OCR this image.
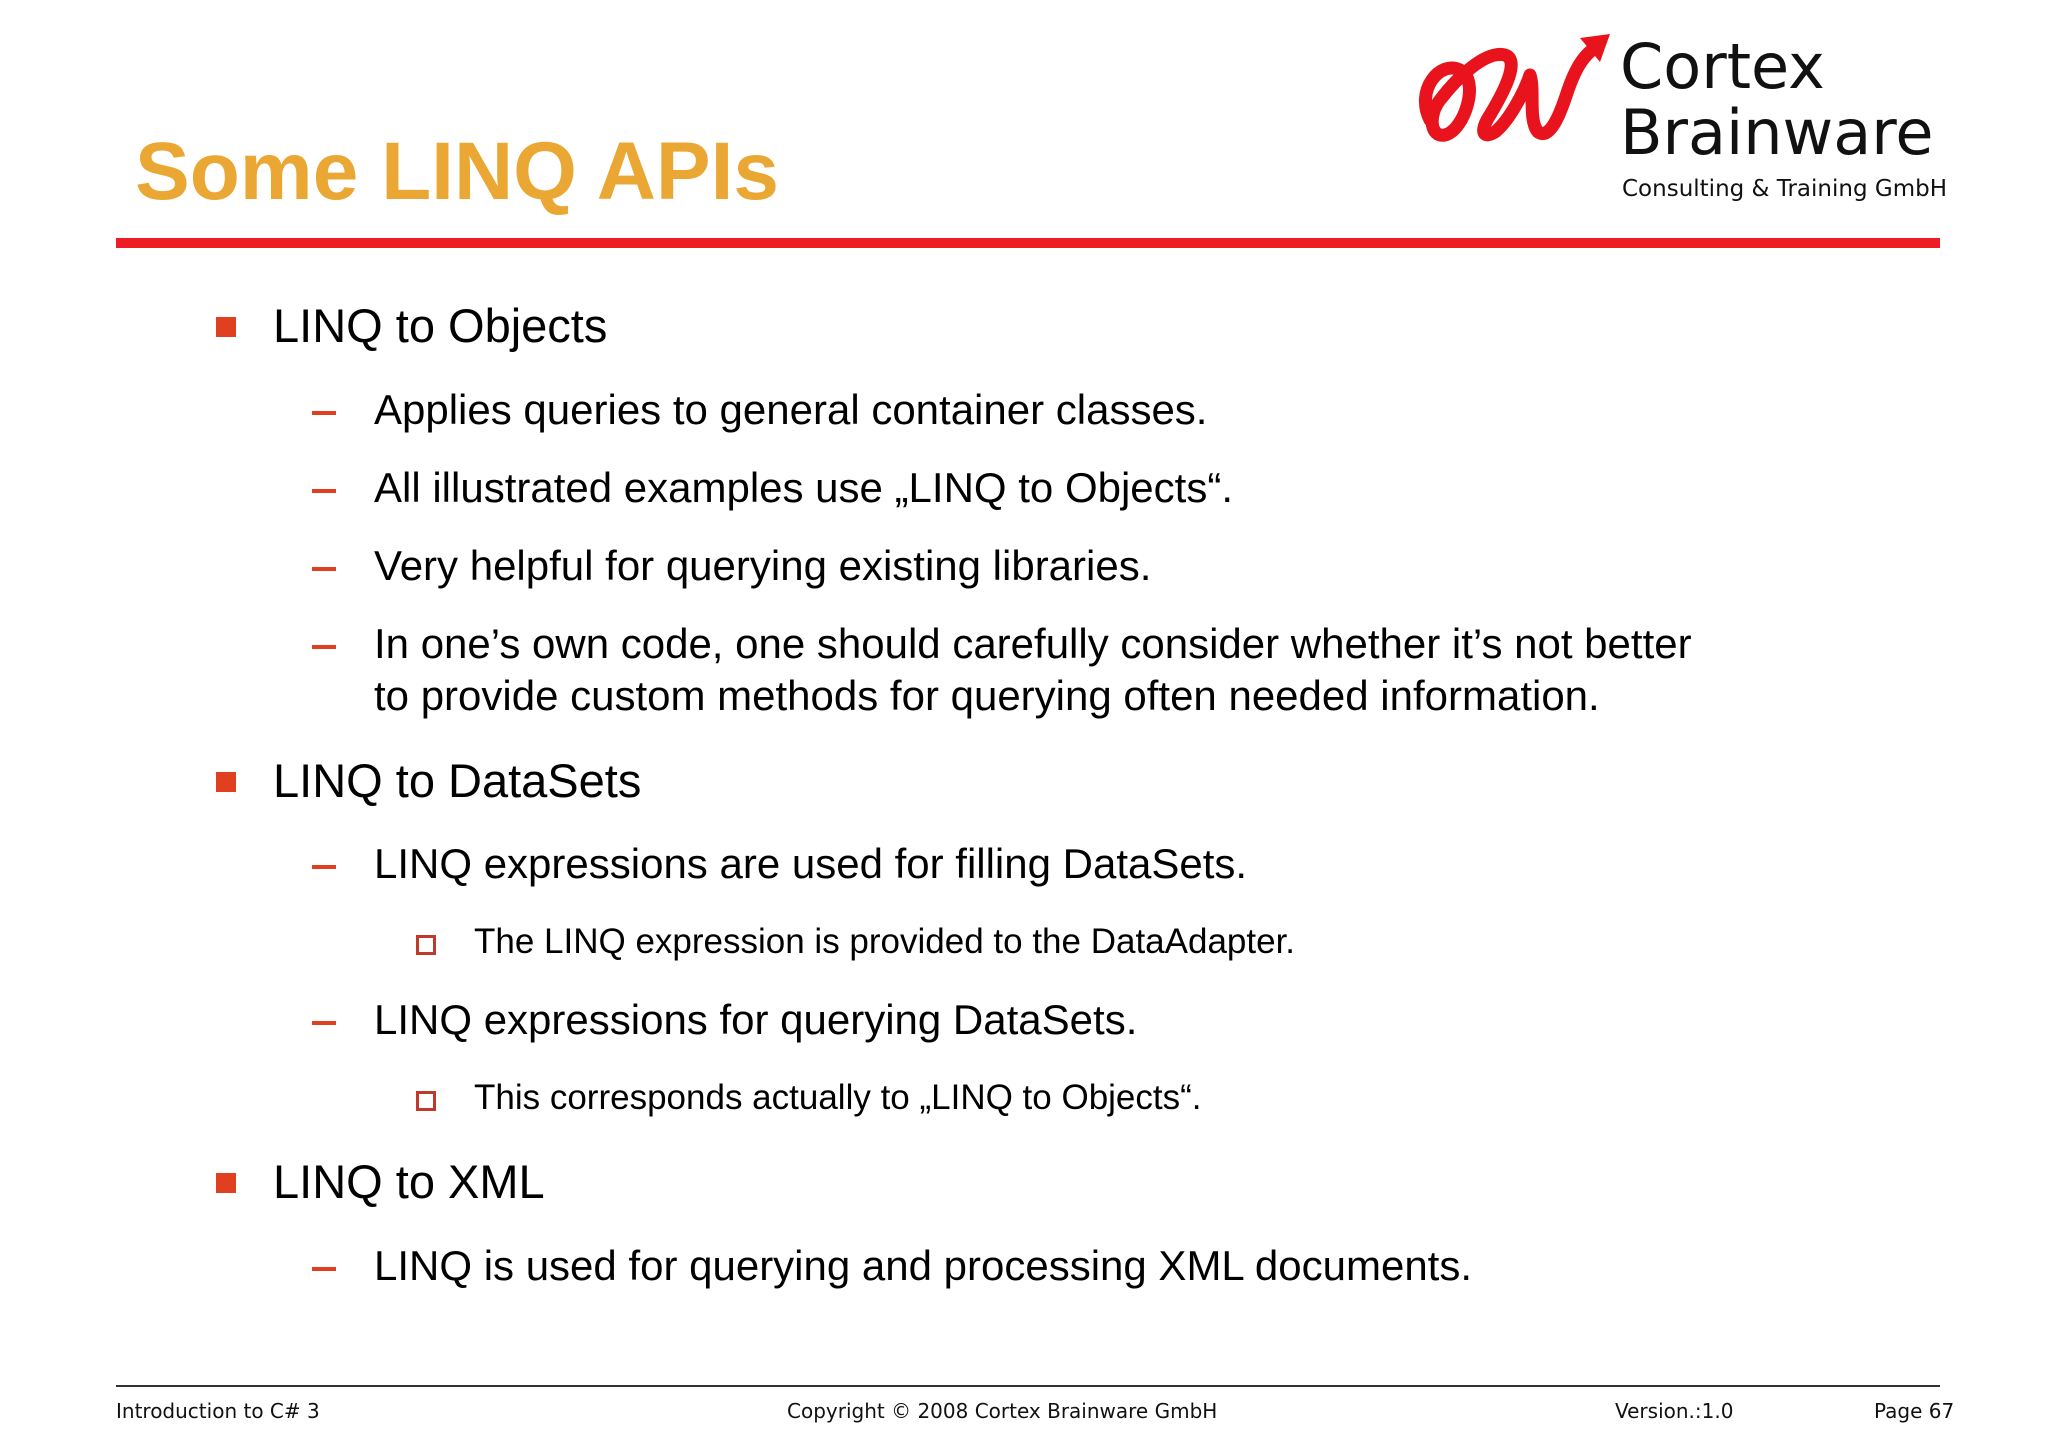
Some LINQ APIs
Cortex
Brainware
Consulting & Training GmbH
LINQ to Objects
Applies queries to general container classes.
All illustrated examples use „LINQ to Objects“.
Very helpful for querying existing libraries.
In one’s own code, one should carefully consider whether it’s not better
to provide custom methods for querying often needed information.
LINQ to DataSets
LINQ expressions are used for filling DataSets.
The LINQ expression is provided to the DataAdapter.
LINQ expressions for querying DataSets.
This corresponds actually to „LINQ to Objects“.
LINQ to XML
LINQ is used for querying and processing XML documents.
Introduction to C# 3	Copyright © 2008 Cortex Brainware GmbH	Version.:1.0	Page 67
